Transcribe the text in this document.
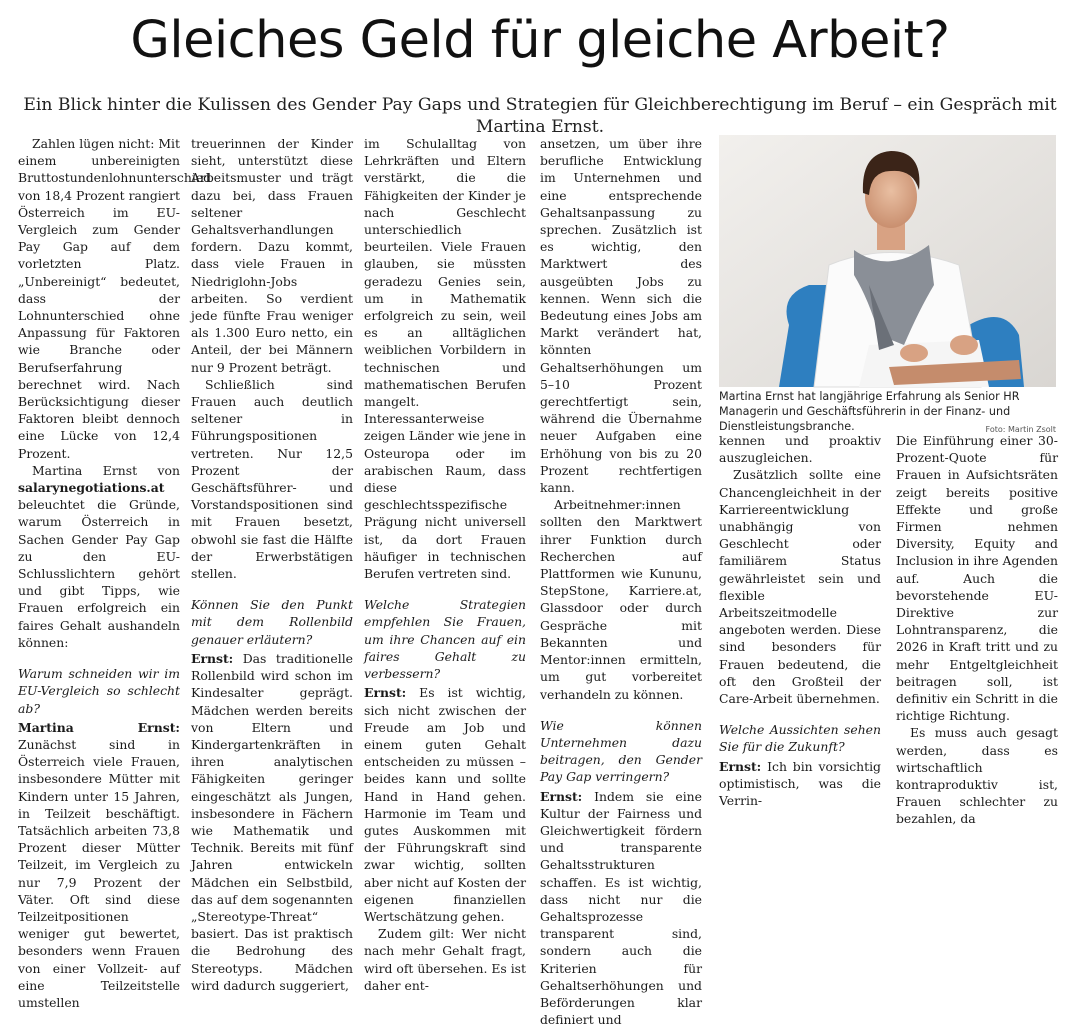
Gleiches Geld für gleiche Arbeit?

Ein Blick hinter die Kulissen des Gender Pay Gaps und Strategien für Gleichberechtigung im Beruf – ein Gespräch mit Martina Ernst.

Zahlen lügen nicht: Mit einem unbereinigten Bruttostundenlohnunterschied von 18,4 Prozent rangiert Österreich im EU-Vergleich zum Gender Pay Gap auf dem vorletzten Platz. „Unbereinigt“ bedeutet, dass der Lohnunterschied ohne Anpassung für Faktoren wie Branche oder Berufserfahrung berechnet wird. Nach Berücksichtigung dieser Faktoren bleibt dennoch eine Lücke von 12,4 Prozent.

Martina Ernst von salarynegotiations.at beleuchtet die Gründe, warum Österreich in Sachen Gender Pay Gap zu den EU-Schlusslichtern gehört und gibt Tipps, wie Frauen erfolgreich ein faires Gehalt aushandeln können:

Warum schneiden wir im EU-Vergleich so schlecht ab?

Martina Ernst: Zunächst sind in Österreich viele Frauen, insbesondere Mütter mit Kindern unter 15 Jahren, in Teilzeit beschäftigt. Tatsächlich arbeiten 73,8 Prozent dieser Mütter Teilzeit, im Vergleich zu nur 7,9 Prozent der Väter. Oft sind diese Teilzeitpositionen weniger gut bewertet, besonders wenn Frauen von einer Vollzeit- auf eine Teilzeitstelle umstellen

treuerinnen der Kinder sieht, unterstützt diese Arbeitsmuster und trägt dazu bei, dass Frauen seltener Gehaltsverhandlungen fordern. Dazu kommt, dass viele Frauen in Niedriglohn-Jobs arbeiten. So verdient jede fünfte Frau weniger als 1.300 Euro netto, ein Anteil, der bei Männern nur 9 Prozent beträgt.

Schließlich sind Frauen auch deutlich seltener in Führungspositionen vertreten. Nur 12,5 Prozent der Geschäftsführer- und Vorstandspositionen sind mit Frauen besetzt, obwohl sie fast die Hälfte der Erwerbstätigen stellen.

Können Sie den Punkt mit dem Rollenbild genauer erläutern?

Ernst: Das traditionelle Rollenbild wird schon im Kindesalter geprägt. Mädchen werden bereits von Eltern und Kindergartenkräften in ihren analytischen Fähigkeiten geringer eingeschätzt als Jungen, insbesondere in Fächern wie Mathematik und Technik. Bereits mit fünf Jahren entwickeln Mädchen ein Selbstbild, das auf dem sogenannten „Stereotype-Threat“ basiert. Das ist praktisch die Bedrohung des Stereotyps. Mädchen wird dadurch suggeriert,

im Schulalltag von Lehrkräften und Eltern verstärkt, die die Fähigkeiten der Kinder je nach Geschlecht unterschiedlich beurteilen. Viele Frauen glauben, sie müssten geradezu Genies sein, um in Mathematik erfolgreich zu sein, weil es an alltäglichen weiblichen Vorbildern in technischen und mathematischen Berufen mangelt. Interessanterweise zeigen Länder wie jene in Osteuropa oder im arabischen Raum, dass diese geschlechtsspezifische Prägung nicht universell ist, da dort Frauen häufiger in technischen Berufen vertreten sind.

Welche Strategien empfehlen Sie Frauen, um ihre Chancen auf ein faires Gehalt zu verbessern?

Ernst: Es ist wichtig, sich nicht zwischen der Freude am Job und einem guten Gehalt entscheiden zu müssen – beides kann und sollte Hand in Hand gehen. Harmonie im Team und gutes Auskommen mit der Führungskraft sind zwar wichtig, sollten aber nicht auf Kosten der eigenen finanziellen Wertschätzung gehen.

Zudem gilt: Wer nicht nach mehr Gehalt fragt, wird oft übersehen. Es ist daher ent-

ansetzen, um über ihre berufliche Entwicklung im Unternehmen und eine entsprechende Gehaltsanpassung zu sprechen. Zusätzlich ist es wichtig, den Marktwert des ausgeübten Jobs zu kennen. Wenn sich die Bedeutung eines Jobs am Markt verändert hat, könnten Gehaltserhöhungen um 5–10 Prozent gerechtfertigt sein, während die Übernahme neuer Aufgaben eine Erhöhung von bis zu 20 Prozent rechtfertigen kann.

Arbeitnehmer:innen sollten den Marktwert ihrer Funktion durch Recherchen auf Plattformen wie Kununu, StepStone, Karriere.at, Glassdoor oder durch Gespräche mit Bekannten und Mentor:innen ermitteln, um gut vorbereitet verhandeln zu können.

Wie können Unternehmen dazu beitragen, den Gender Pay Gap verringern?

Ernst: Indem sie eine Kultur der Fairness und Gleichwertigkeit fördern und transparente Gehaltsstrukturen schaffen. Es ist wichtig, dass nicht nur die Gehaltsprozesse transparent sind, sondern auch die Kriterien für Gehaltserhöhungen und Beförderungen klar definiert und

Martina Ernst hat langjährige Erfahrung als Senior HR Managerin und Geschäftsführerin in der Finanz- und Dienstleistungsbranche.	Foto: Martin Zsolt

kennen und proaktiv auszugleichen.

Zusätzlich sollte eine Chancengleichheit in der Karriereentwicklung unabhängig von Geschlecht oder familiärem Status gewährleistet sein und flexible Arbeitszeitmodelle angeboten werden. Diese sind besonders für Frauen bedeutend, die oft den Großteil der Care-Arbeit übernehmen.

Welche Aussichten sehen Sie für die Zukunft?

Ernst: Ich bin vorsichtig optimistisch, was die Verrin-

Die Einführung einer 30-Prozent-Quote für Frauen in Aufsichtsräten zeigt bereits positive Effekte und große Firmen nehmen Diversity, Equity and Inclusion in ihre Agenden auf. Auch die bevorstehende EU-Direktive zur Lohntransparenz, die 2026 in Kraft tritt und zu mehr Entgeltgleichheit beitragen soll, ist definitiv ein Schritt in die richtige Richtung.

Es muss auch gesagt werden, dass es wirtschaftlich kontraproduktiv ist, Frauen schlechter zu bezahlen, da
